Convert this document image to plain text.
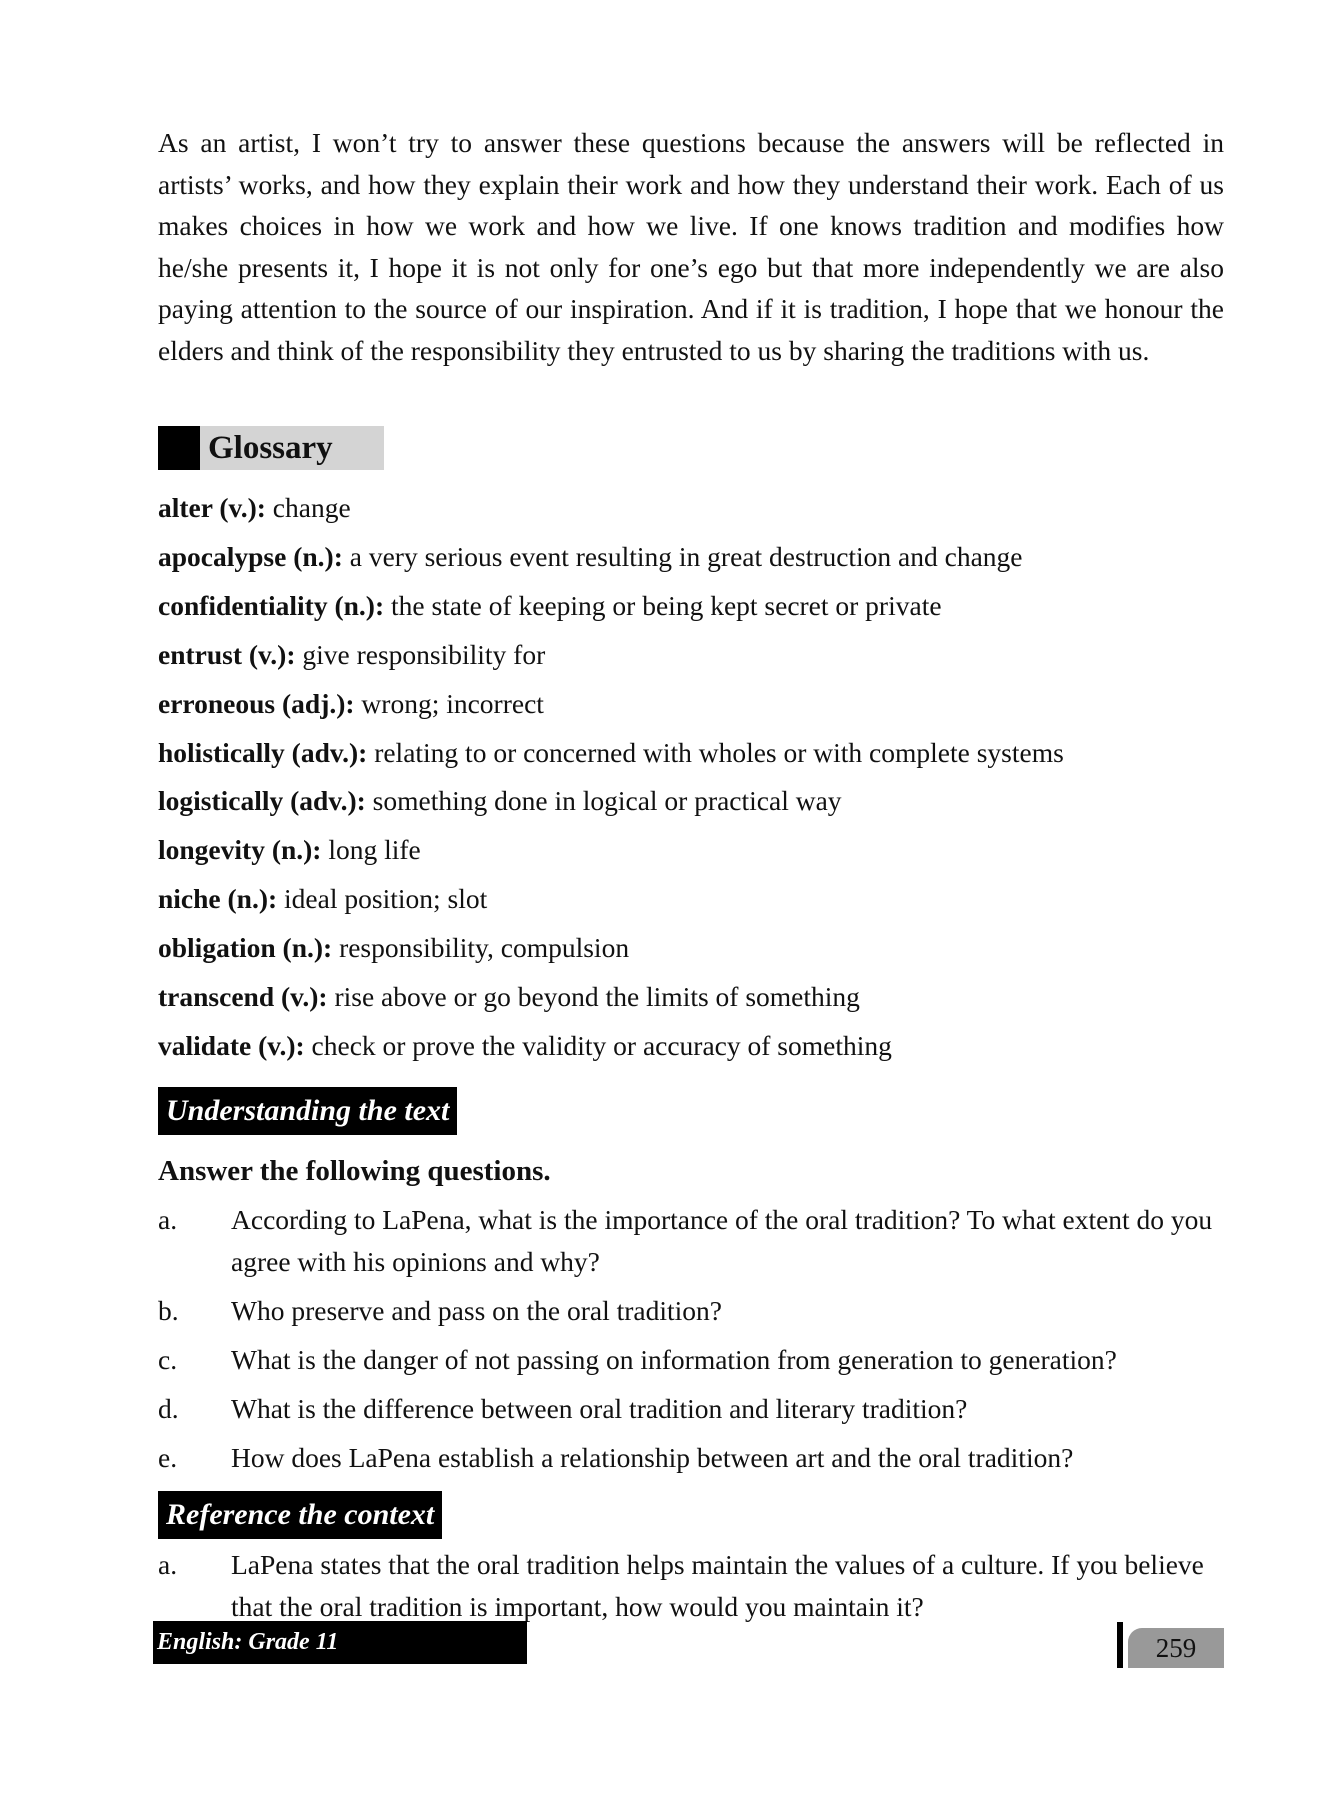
As an artist, I won’t try to answer these questions because the answers will be reflected in artists’ works, and how they explain their work and how they understand their work. Each of us makes choices in how we work and how we live. If one knows tradition and modifies how he/she presents it, I hope it is not only for one’s ego but that more independently we are also paying attention to the source of our inspiration. And if it is tradition, I hope that we honour the elders and think of the responsibility they entrusted to us by sharing the traditions with us.

Glossary
alter (v.): change
apocalypse (n.): a very serious event resulting in great destruction and change
confidentiality (n.): the state of keeping or being kept secret or private
entrust (v.): give responsibility for
erroneous (adj.): wrong; incorrect
holistically (adv.): relating to or concerned with wholes or with complete systems
logistically (adv.): something done in logical or practical way
longevity (n.): long life
niche (n.): ideal position; slot
obligation (n.): responsibility, compulsion
transcend (v.): rise above or go beyond the limits of something
validate (v.): check or prove the validity or accuracy of something
Understanding the text
Answer the following questions.
a. According to LaPena, what is the importance of the oral tradition? To what extent do you agree with his opinions and why?
b. Who preserve and pass on the oral tradition?
c. What is the danger of not passing on information from generation to generation?
d. What is the difference between oral tradition and literary tradition?
e. How does LaPena establish a relationship between art and the oral tradition?
Reference the context
a. LaPena states that the oral tradition helps maintain the values of a culture. If you believe that the oral tradition is important, how would you maintain it?
English: Grade 11	259
